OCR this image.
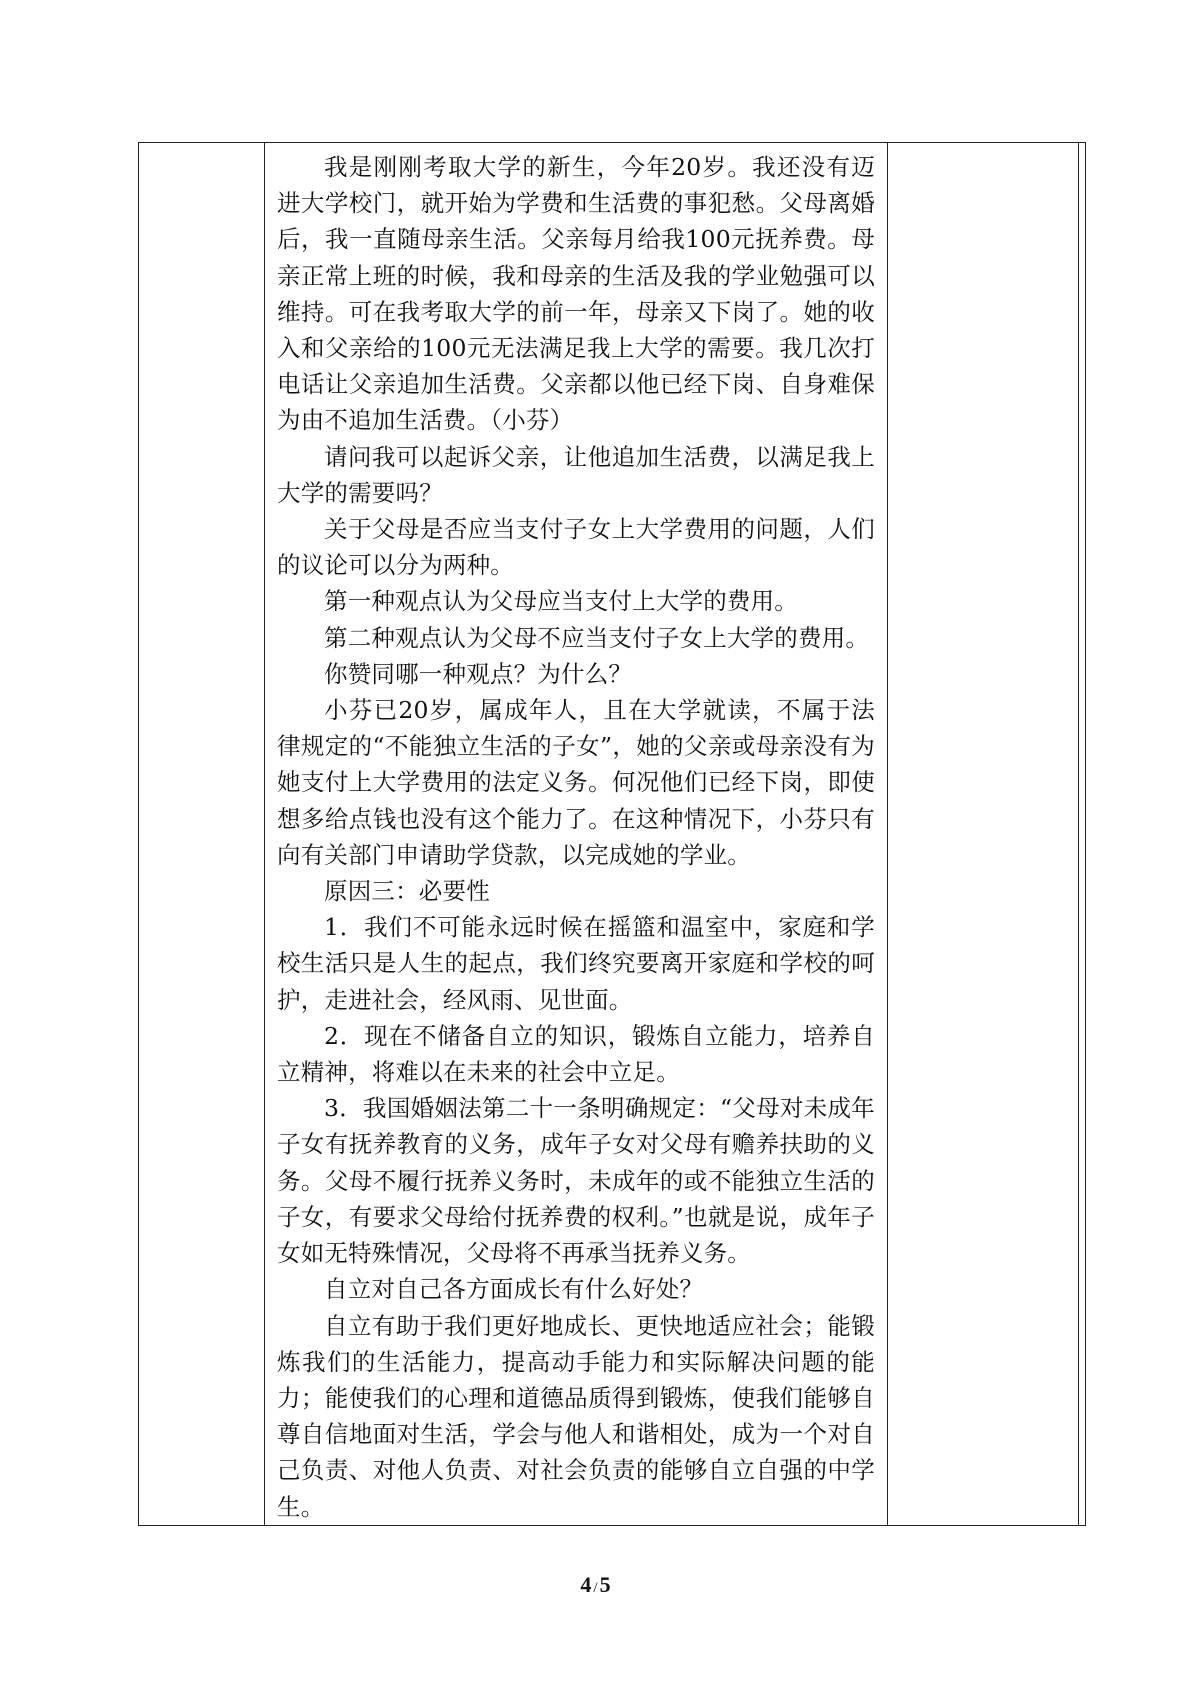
我是刚刚考取大学的新生，今年20岁。我还没有迈进大学校门，就开始为学费和生活费的事犯愁。父母离婚后，我一直随母亲生活。父亲每月给我100元抚养费。母亲正常上班的时候，我和母亲的生活及我的学业勉强可以维持。可在我考取大学的前一年，母亲又下岗了。她的收入和父亲给的100元无法满足我上大学的需要。我几次打电话让父亲追加生活费。父亲都以他已经下岗、自身难保为由不追加生活费。（小芬）

请问我可以起诉父亲，让他追加生活费，以满足我上大学的需要吗？

关于父母是否应当支付子女上大学费用的问题，人们的议论可以分为两种。

第一种观点认为父母应当支付上大学的费用。

第二种观点认为父母不应当支付子女上大学的费用。

你赞同哪一种观点？为什么？

小芬已20岁，属成年人，且在大学就读，不属于法律规定的“不能独立生活的子女”，她的父亲或母亲没有为她支付上大学费用的法定义务。何况他们已经下岗，即使想多给点钱也没有这个能力了。在这种情况下，小芬只有向有关部门申请助学贷款，以完成她的学业。

原因三：必要性

1．我们不可能永远时候在摇篮和温室中，家庭和学校生活只是人生的起点，我们终究要离开家庭和学校的呵护，走进社会，经风雨、见世面。

2．现在不储备自立的知识，锻炼自立能力，培养自立精神，将难以在未来的社会中立足。

3．我国婚姻法第二十一条明确规定：“父母对未成年子女有抚养教育的义务，成年子女对父母有赡养扶助的义务。父母不履行抚养义务时，未成年的或不能独立生活的子女，有要求父母给付抚养费的权利。”也就是说，成年子女如无特殊情况，父母将不再承当抚养义务。

自立对自己各方面成长有什么好处？

自立有助于我们更好地成长、更快地适应社会；能锻炼我们的生活能力，提高动手能力和实际解决问题的能力；能使我们的心理和道德品质得到锻炼，使我们能够自尊自信地面对生活，学会与他人和谐相处，成为一个对自己负责、对他人负责、对社会负责的能够自立自强的中学生。

4 /5
